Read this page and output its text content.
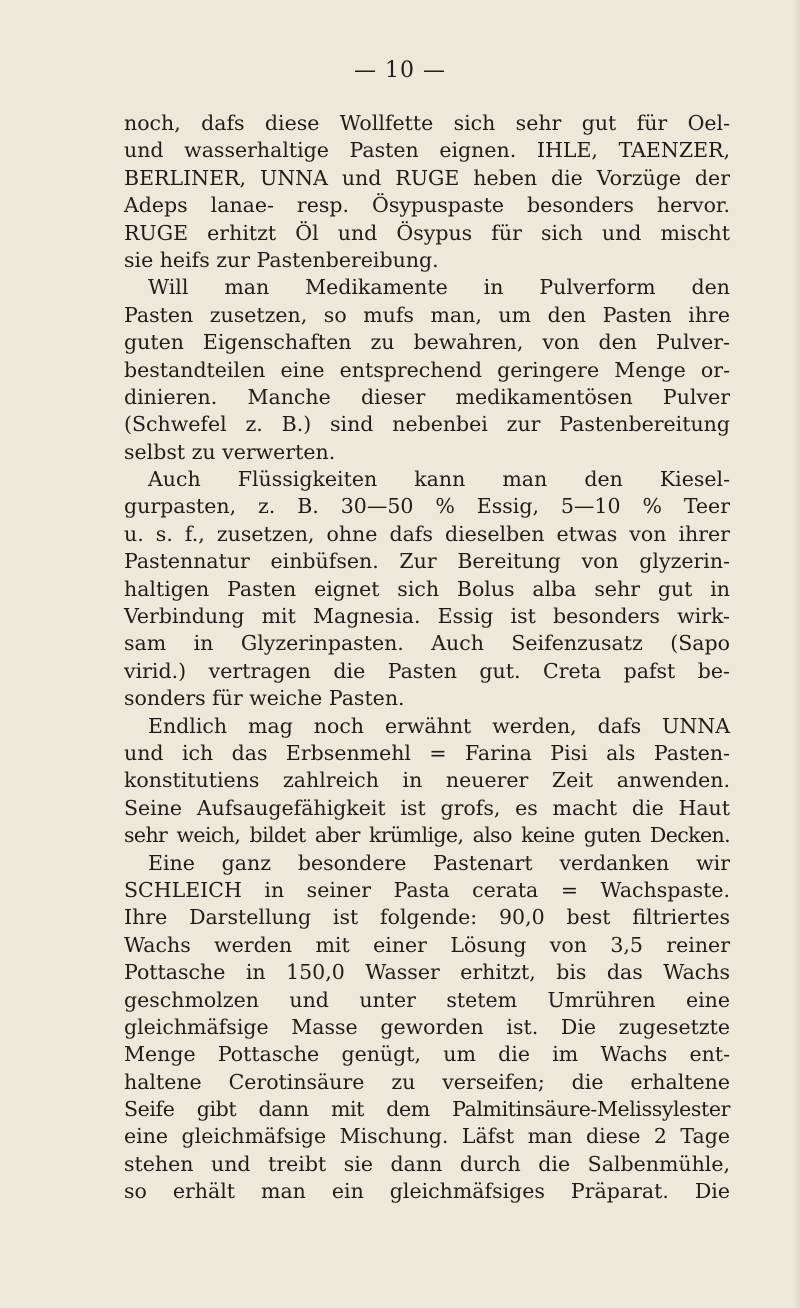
— 10 —
noch, dafs diese Wollfette sich sehr gut für Oel-
und wasserhaltige Pasten eignen. IHLE, TAENZER,
BERLINER, UNNA und RUGE heben die Vorzüge der
Adeps lanae- resp. Ösypuspaste besonders hervor.
RUGE erhitzt Öl und Ösypus für sich und mischt
sie heifs zur Pastenbereibung.
Will man Medikamente in Pulverform den
Pasten zusetzen, so mufs man, um den Pasten ihre
guten Eigenschaften zu bewahren, von den Pulver-
bestandteilen eine entsprechend geringere Menge or-
dinieren. Manche dieser medikamentösen Pulver
(Schwefel z. B.) sind nebenbei zur Pastenbereitung
selbst zu verwerten.
Auch Flüssigkeiten kann man den Kiesel-
gurpasten, z. B. 30—50 % Essig, 5—10 % Teer
u. s. f., zusetzen, ohne dafs dieselben etwas von ihrer
Pastennatur einbüfsen. Zur Bereitung von glyzerin-
haltigen Pasten eignet sich Bolus alba sehr gut in
Verbindung mit Magnesia. Essig ist besonders wirk-
sam in Glyzerinpasten. Auch Seifenzusatz (Sapo
virid.) vertragen die Pasten gut. Creta pafst be-
sonders für weiche Pasten.
Endlich mag noch erwähnt werden, dafs UNNA
und ich das Erbsenmehl = Farina Pisi als Pasten-
konstitutiens zahlreich in neuerer Zeit anwenden.
Seine Aufsaugefähigkeit ist grofs, es macht die Haut
sehr weich, bildet aber krümlige, also keine guten Decken.
Eine ganz besondere Pastenart verdanken wir
SCHLEICH in seiner Pasta cerata = Wachspaste.
Ihre Darstellung ist folgende: 90,0 best filtriertes
Wachs werden mit einer Lösung von 3,5 reiner
Pottasche in 150,0 Wasser erhitzt, bis das Wachs
geschmolzen und unter stetem Umrühren eine
gleichmäfsige Masse geworden ist. Die zugesetzte
Menge Pottasche genügt, um die im Wachs ent-
haltene Cerotinsäure zu verseifen; die erhaltene
Seife gibt dann mit dem Palmitinsäure-Melissylester
eine gleichmäfsige Mischung. Läfst man diese 2 Tage
stehen und treibt sie dann durch die Salbenmühle,
so erhält man ein gleichmäfsiges Präparat. Die
